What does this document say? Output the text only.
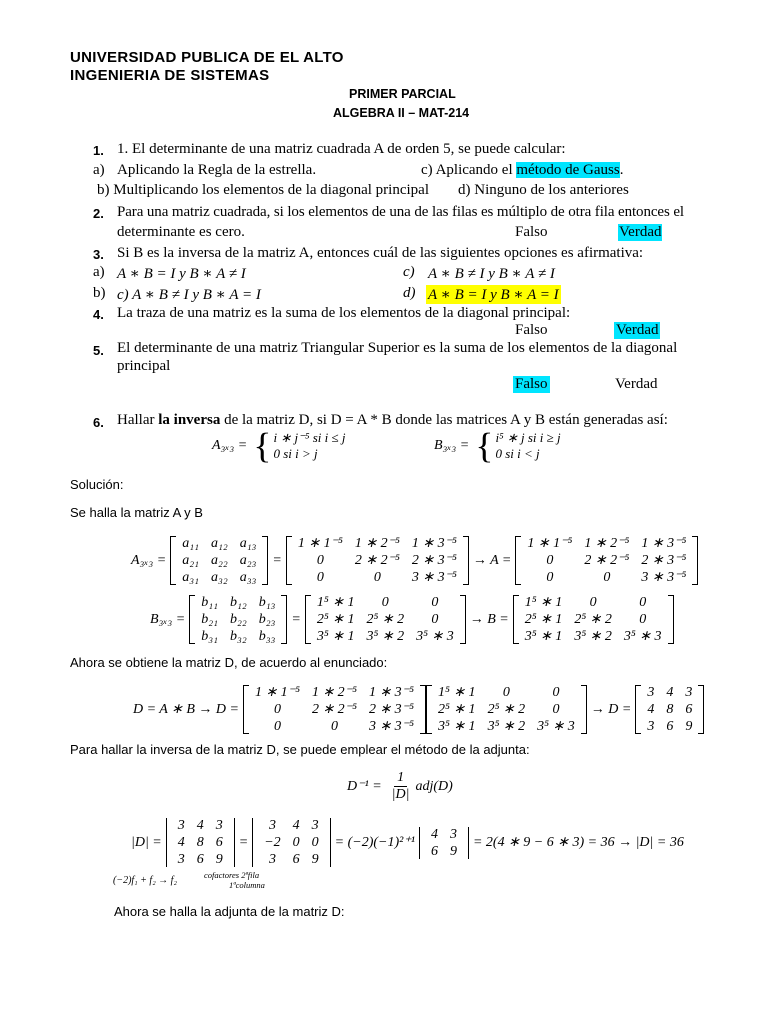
UNIVERSIDAD PUBLICA DE EL ALTO
INGENIERIA DE SISTEMAS
PRIMER PARCIAL
ALGEBRA II – MAT-214
1. 1. El determinante de una matriz cuadrada A de orden 5, se puede calcular:
a) Aplicando la Regla de la estrella.	c) Aplicando el método de Gauss.
b) Multiplicando los elementos de la diagonal principal d) Ninguno de los anteriores
2. Para una matriz cuadrada, si los elementos de una de las filas es múltiplo de otra fila entonces el
determinante es cero.	Falso	Verdad
3. Si B es la inversa de la matriz A, entonces cuál de las siguientes opciones es afirmativa:
a) A ∗ B = I y B ∗ A ≠ I	c) A ∗ B ≠ I y B ∗ A ≠ I
b) c) A ∗ B ≠ I y B ∗ A = I	d) A ∗ B = I y B ∗ A = I
4. La traza de una matriz es la suma de los elementos de la diagonal principal:
Falso	Verdad
5. El determinante de una matriz Triangular Superior es la suma de los elementos de la diagonal
principal
Falso	Verdad
6. Hallar la inversa de la matriz D, si D = A * B donde las matrices A y B están generadas así:
A₃ₓ₃ = { i ∗ j⁻⁵ si i ≤ j
0 si i > j
B₃ₓ₃ = { i⁵ ∗ j si i ≥ j
0 si i < j
Solución:
Se halla la matriz A y B
A₃ₓ₃ =
a₁₁	a₁₂	a₁₃
a₂₁	a₂₂	a₂₃
a₃₁	a₃₂	a₃₃
=
1 ∗ 1⁻⁵	1 ∗ 2⁻⁵	1 ∗ 3⁻⁵
0	2 ∗ 2⁻⁵	2 ∗ 3⁻⁵
0	0	3 ∗ 3⁻⁵
→ A =
1 ∗ 1⁻⁵	1 ∗ 2⁻⁵	1 ∗ 3⁻⁵
0	2 ∗ 2⁻⁵	2 ∗ 3⁻⁵
0	0	3 ∗ 3⁻⁵
B₃ₓ₃ =
b₁₁	b₁₂	b₁₃
b₂₁	b₂₂	b₂₃
b₃₁	b₃₂	b₃₃
=
1⁵ ∗ 1	0	0
2⁵ ∗ 1	2⁵ ∗ 2	0
3⁵ ∗ 1	3⁵ ∗ 2	3⁵ ∗ 3
→ B =
1⁵ ∗ 1	0	0
2⁵ ∗ 1	2⁵ ∗ 2	0
3⁵ ∗ 1	3⁵ ∗ 2	3⁵ ∗ 3
Ahora se obtiene la matriz D, de acuerdo al enunciado:
D = A ∗ B → D =
1 ∗ 1⁻⁵	1 ∗ 2⁻⁵	1 ∗ 3⁻⁵
0	2 ∗ 2⁻⁵	2 ∗ 3⁻⁵
0	0	3 ∗ 3⁻⁵
1⁵ ∗ 1	0	0
2⁵ ∗ 1	2⁵ ∗ 2	0
3⁵ ∗ 1	3⁵ ∗ 2	3⁵ ∗ 3
→ D =
3	4	3
4	8	6
3	6	9
Para hallar la inversa de la matriz D, se puede emplear el método de la adjunta:
$D^{-1} = \frac{1}{|D|} adj(D)$
|D| =
3	4	3
4	8	6
3	6	9
=
3	4	3
−2	0	0
3	6	9
= (−2)(−1)²⁺¹
4	3
6	9
= 2(4 ∗ 9 − 6 ∗ 3) = 36 → |D| = 36
(−2)f₁ + f₂ → f₂	cofactores 2ªfila
1ªcolumna
Ahora se halla la adjunta de la matriz D:
